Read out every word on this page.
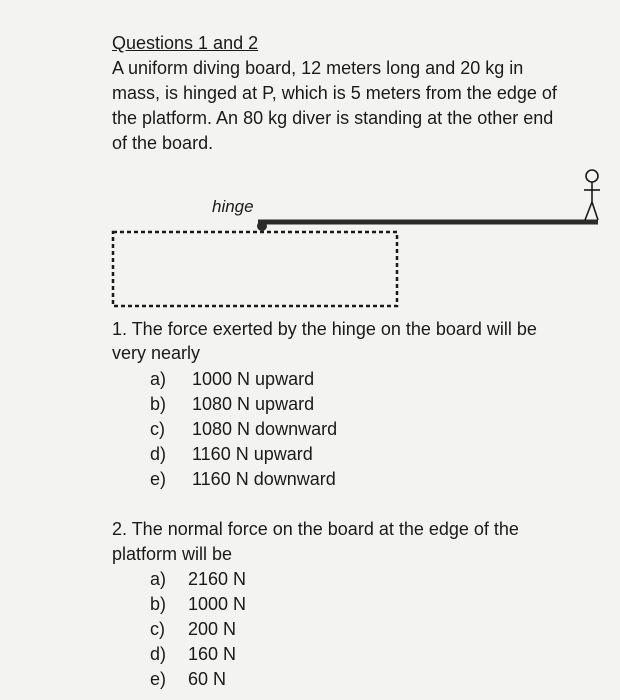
Questions 1 and 2
A uniform diving board, 12 meters long and 20 kg in
mass, is hinged at P, which is 5 meters from the edge of
the platform. An 80 kg diver is standing at the other end
of the board.
hinge
1. The force exerted by the hinge on the board will be
very nearly
a) 1000 N upward
b) 1080 N upward
c) 1080 N downward
d) 1160 N upward
e) 1160 N downward
2. The normal force on the board at the edge of the
platform will be
a) 2160 N
b) 1000 N
c) 200 N
d) 160 N
e) 60 N
